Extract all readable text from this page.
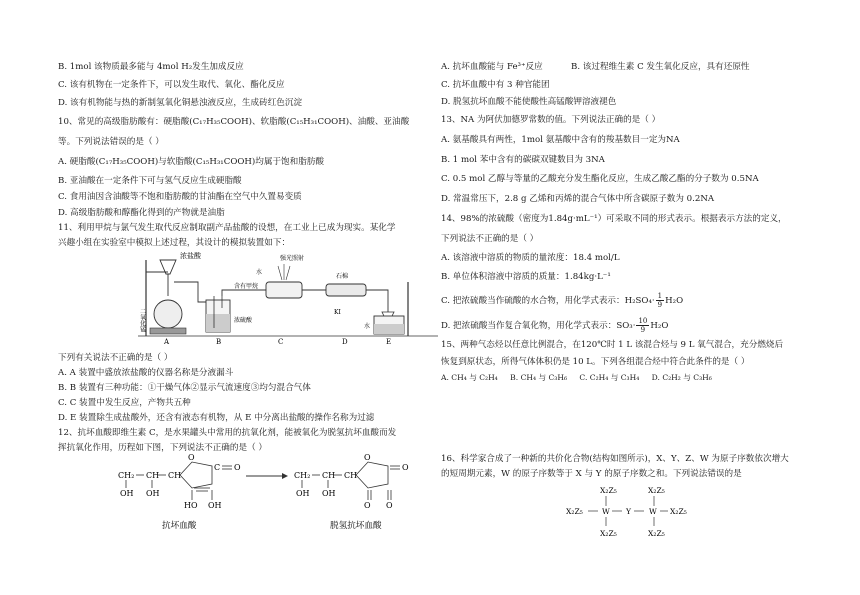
B. 1mol 该物质最多能与 4mol H₂发生加成反应
C. 该有机物在一定条件下，可以发生取代、氧化、酯化反应
D. 该有机物能与热的新制氢氧化铜悬浊液反应，生成砖红色沉淀
10、常见的高级脂肪酸有：硬脂酸(C₁₇H₃₅COOH)、软脂酸(C₁₅H₃₁COOH)、油酸、亚油酸
等。下列说法错误的是（ ）
A. 硬脂酸(C₁₇H₃₅COOH)与软脂酸(C₁₅H₃₁COOH)均属于饱和脂肪酸
B. 亚油酸在一定条件下可与氢气反应生成硬脂酸
C. 食用油因含油酸等不饱和脂肪酸的甘油酯在空气中久置易变质
D. 高级脂肪酸和醇酯化得到的产物就是油脂
11、利用甲烷与氯气发生取代反应制取副产品盐酸的设想，在工业上已成为现实。某化学
兴趣小组在实验室中模拟上述过程，其设计的模拟装置如下：
浓盐酸
二氧化锰
A
浓硫酸
含有甲烷
B
强光照射
C
石棉
KI
D
水
E
水
下列有关说法不正确的是（ ）
A. A 装置中盛放浓盐酸的仪器名称是分液漏斗
B. B 装置有三种功能：①干燥气体②显示气流速度③均匀混合气体
C. C 装置中发生反应，产物共五种
D. E 装置除生成盐酸外，还含有液态有机物，从 E 中分离出盐酸的操作名称为过滤
12、抗坏血酸即维生素 C，是水果罐头中常用的抗氧化剂，能被氧化为脱氢抗坏血酸而发
挥抗氧化作用，历程如下图，下列说法不正确的是（ ）
CH₂ CH CH
OH OH
O
C O
HO OH
抗坏血酸
CH₂ CH CH
OH OH
O
O
O O
脱氢抗坏血酸
A. 抗坏血酸能与 Fe³⁺反应	B. 该过程维生素 C 发生氧化反应，具有还原性
C. 抗坏血酸中有 3 种官能团
D. 脱氢抗坏血酸不能使酸性高锰酸钾溶液褪色
13、NA 为阿伏加德罗常数的值。下列说法正确的是（ ）
A. 氨基酸具有两性，1mol 氨基酸中含有的羧基数目一定为NA
B. 1 mol 苯中含有的碳碳双键数目为 3NA
C. 0.5 mol 乙醇与等量的乙酸充分发生酯化反应，生成乙酸乙酯的分子数为 0.5NA
D. 常温常压下，2.8 g 乙烯和丙烯的混合气体中所含碳原子数为 0.2NA
14、98%的浓硫酸（密度为1.84g·mL⁻¹）可采取不同的形式表示。根据表示方法的定义，
下列说法不正确的是（ ）
A. 该溶液中溶质的物质的量浓度：18.4 mol/L
B. 单位体积溶液中溶质的质量：1.84kg·L⁻¹
C. 把浓硫酸当作硫酸的水合物，用化学式表示：H₂SO₄· 1
9 H₂O
D. 把浓硫酸当作复合氧化物，用化学式表示：SO₃· 10
9 H₂O
15、两种气态烃以任意比例混合，在120℃时 1 L 该混合烃与 9 L 氧气混合，充分燃烧后
恢复到原状态，所得气体体积仍是 10 L。下列各组混合烃中符合此条件的是（ ）
A. CH₄ 与 C₂H₄ B. CH₄ 与 C₃H₆ C. C₂H₄ 与 C₃H₄ D. C₂H₂ 与 C₃H₆
16、科学家合成了一种新的共价化合物(结构如图所示)，X、Y、Z、W 为原子序数依次增大
的短周期元素，W 的原子序数等于 X 与 Y 的原子序数之和。下列说法错误的是
X₂Z₅	X₂Z₅
X₂Z₅	W Y W X₂Z₅
X₂Z₅	X₂Z₅
